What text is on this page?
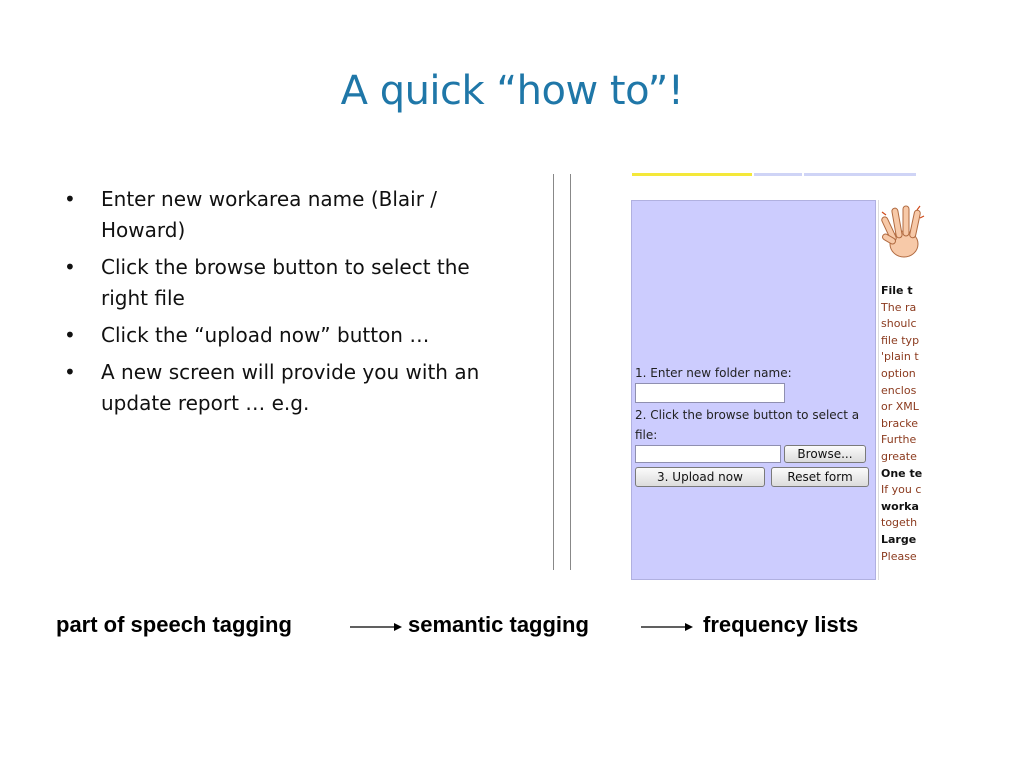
A quick “how to”!
• Enter new workarea name (Blair / Howard)
• Click the browse button to select the right file
• Click the “upload now” button …
• A new screen will provide you with an update report … e.g.
1. Enter new folder name:
2. Click the browse button to select a
file:
Browse...
3. Upload now	Reset form
File t
The ra
shoulc
file typ
'plain t
option
enclos
or XML
bracke
Furthe
greate
One te
If you c
worka
togeth
Large
Please
part of speech tagging	semantic tagging	frequency lists
